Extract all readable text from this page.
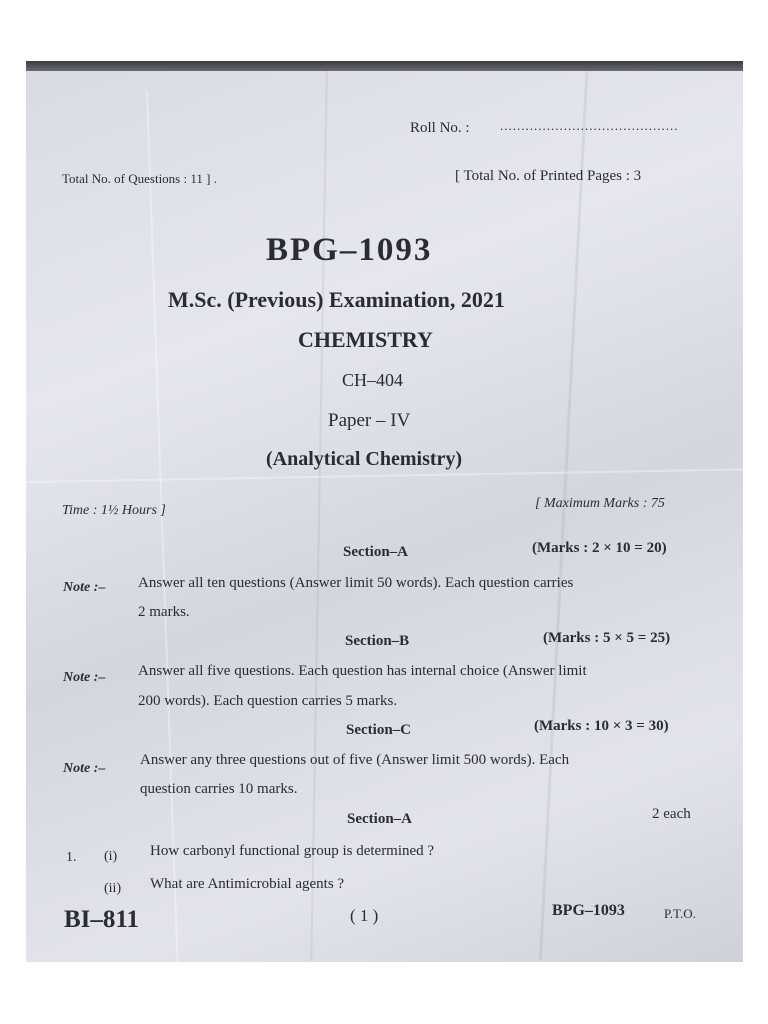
Roll No. : ..........................................
Total No. of Questions : 11 ] .	[ Total No. of Printed Pages : 3
BPG–1093
M.Sc. (Previous) Examination, 2021
CHEMISTRY
CH–404
Paper – IV
(Analytical Chemistry)
Time : 1½ Hours ]	[ Maximum Marks : 75
Section–A	(Marks : 2 × 10 = 20)
Note :– Answer all ten questions (Answer limit 50 words). Each question carries
2 marks.
Section–B	(Marks : 5 × 5 = 25)
Note :– Answer all five questions. Each question has internal choice (Answer limit
200 words). Each question carries 5 marks.
Section–C	(Marks : 10 × 3 = 30)
Note :–
Answer any three questions out of five (Answer limit 500 words). Each
question carries 10 marks.
Section–A	2 each
1. (i) How carbonyl functional group is determined ?
(ii) What are Antimicrobial agents ?
BI–811	( 1 )	BPG–1093	P.T.O.
